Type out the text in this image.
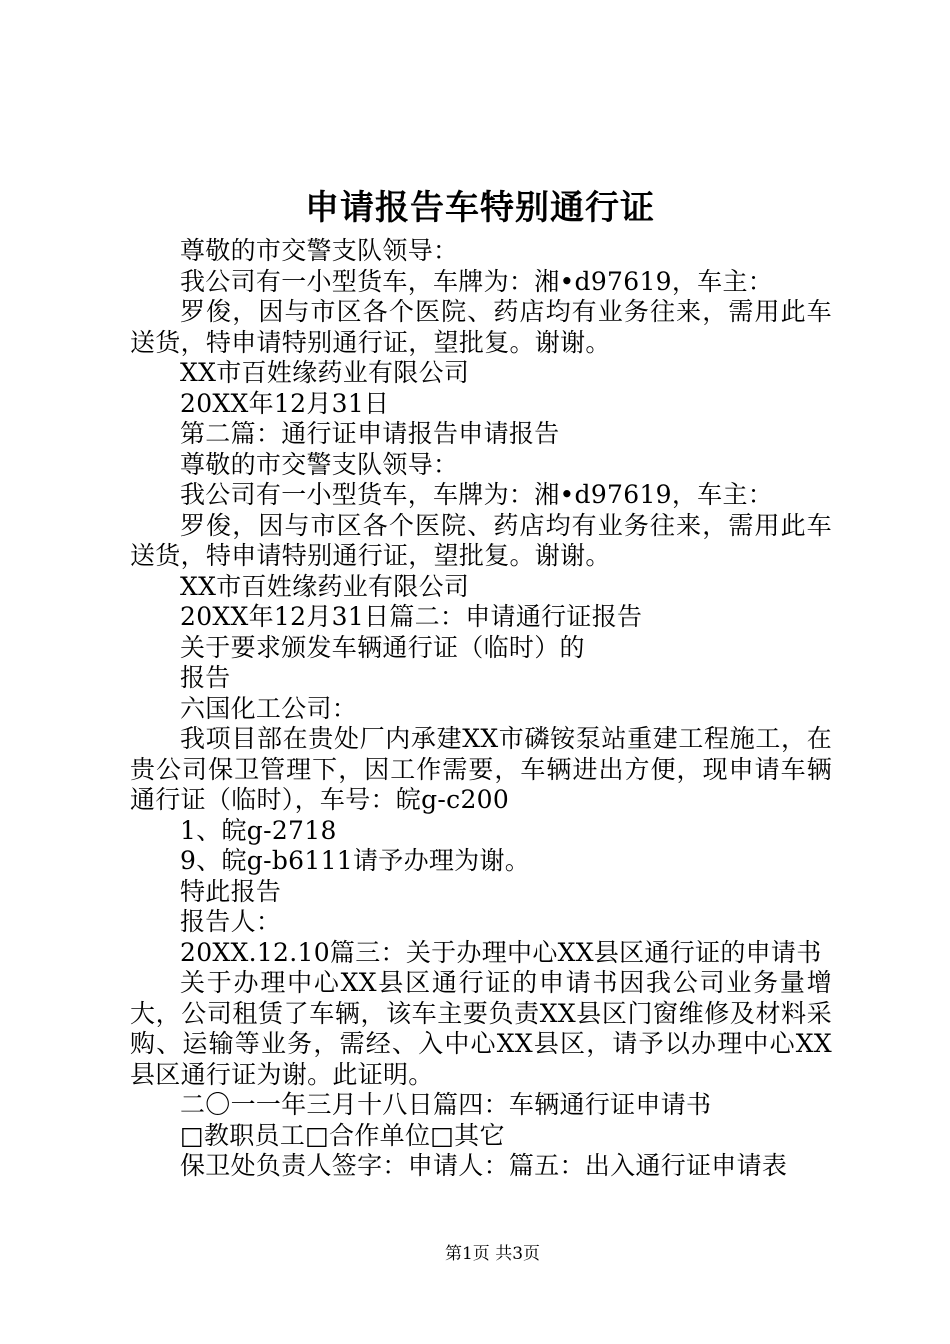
申请报告车特别通行证

尊敬的市交警支队领导：

我公司有一小型货车，车牌为：湘•d97619，车主：

罗俊，因与市区各个医院、药店均有业务往来，需用此车送货，特申请特别通行证，望批复。谢谢。

XX市百姓缘药业有限公司

20XX年12月31日

第二篇：通行证申请报告申请报告

尊敬的市交警支队领导：

我公司有一小型货车，车牌为：湘•d97619，车主：

罗俊，因与市区各个医院、药店均有业务往来，需用此车送货，特申请特别通行证，望批复。谢谢。

XX市百姓缘药业有限公司

20XX年12月31日篇二：申请通行证报告

关于要求颁发车辆通行证（临时）的

报告

六国化工公司：

我项目部在贵处厂内承建XX市磷铵泵站重建工程施工，在贵公司保卫管理下，因工作需要，车辆进出方便，现申请车辆通行证（临时），车号：皖g-c200

1、皖g-2718

9、皖g-b6111请予办理为谢。

特此报告

报告人：

20XX.12.10篇三：关于办理中心XX县区通行证的申请书

关于办理中心XX县区通行证的申请书因我公司业务量增大，公司租赁了车辆，该车主要负责XX县区门窗维修及材料采购、运输等业务，需经、入中心XX县区，请予以办理中心XX县区通行证为谢。此证明。

二〇一一年三月十八日篇四：车辆通行证申请书

□教职员工□合作单位□其它

保卫处负责人签字：申请人：篇五：出入通行证申请表

第1页 共3页
